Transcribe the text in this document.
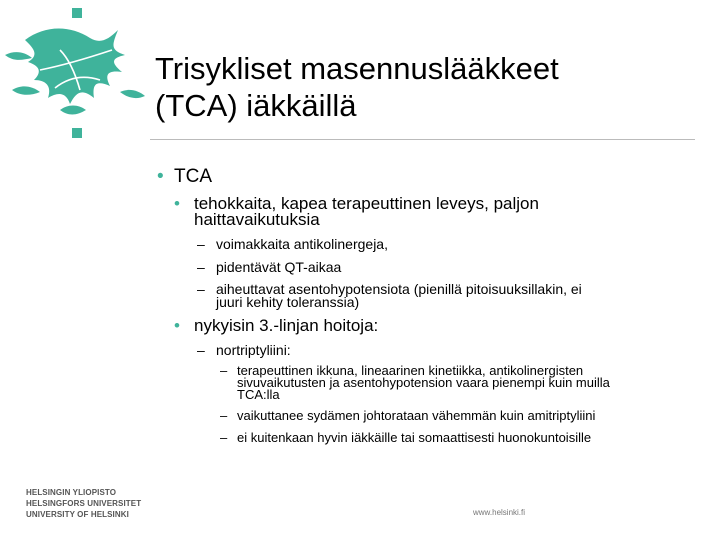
Trisykliset masennuslääkkeet
(TCA) iäkkäillä
• TCA
• tehokkaita, kapea terapeuttinen leveys, paljon
haittavaikutuksia
– voimakkaita antikolinergeja,
– pidentävät QT-aikaa
– aiheuttavat asentohypotensiota (pienillä pitoisuuksillakin, ei
juuri kehity toleranssia)
• nykyisin 3.-linjan hoitoja:
– nortriptyliini:
– terapeuttinen ikkuna, lineaarinen kinetiikka, antikolinergisten
sivuvaikutusten ja asentohypotension vaara pienempi kuin muilla
TCA:lla
– vaikuttanee sydämen johtorataan vähemmän kuin amitriptyliini
– ei kuitenkaan hyvin iäkkäille tai somaattisesti huonokuntoisille
HELSINGIN YLIOPISTO
HELSINGFORS UNIVERSITET
UNIVERSITY OF HELSINKI	www.helsinki.fi
